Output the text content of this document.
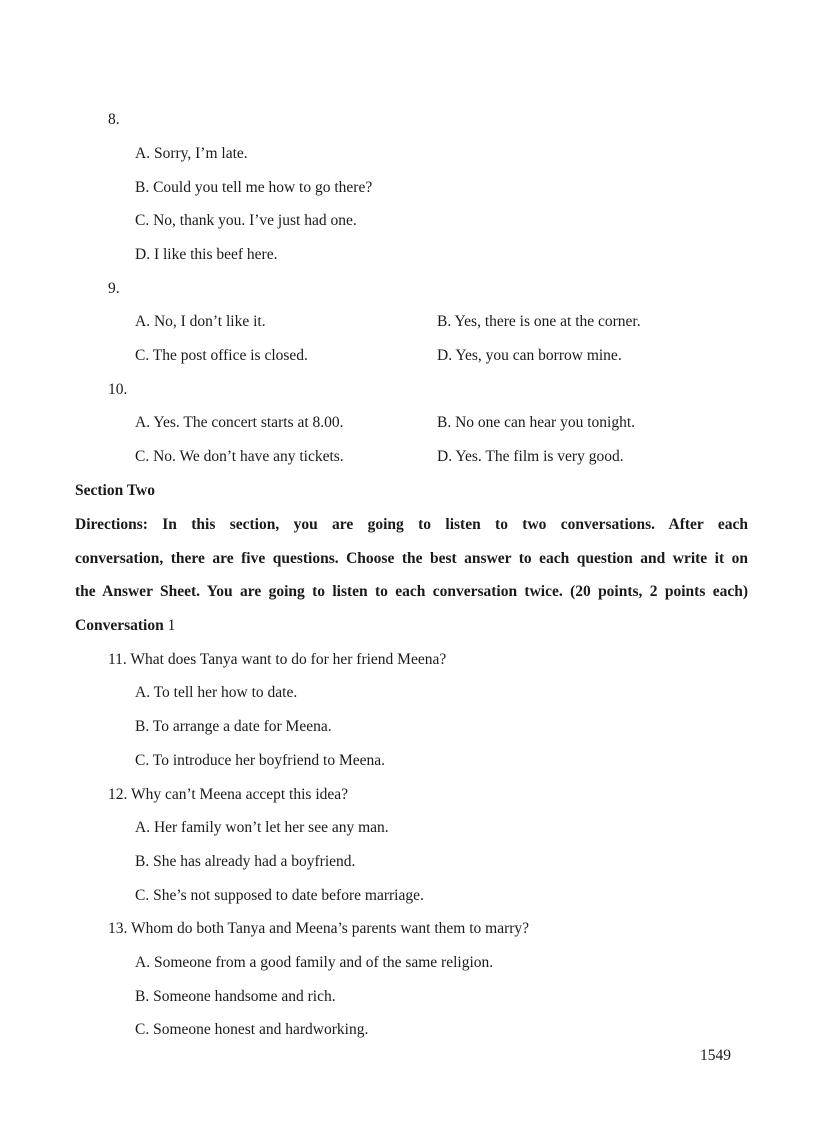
8.
A. Sorry, I’m late.
B. Could you tell me how to go there?
C. No, thank you. I’ve just had one.
D. I like this beef here.
9.
A. No, I don’t like it.	B. Yes, there is one at the corner.
C. The post office is closed.	D. Yes, you can borrow mine.
10.
A. Yes. The concert starts at 8.00.	B. No one can hear you tonight.
C. No. We don’t have any tickets.	D. Yes. The film is very good.
Section Two
Directions: In this section, you are going to listen to two conversations. After each
conversation, there are five questions. Choose the best answer to each question and write it on
the Answer Sheet. You are going to listen to each conversation twice. (20 points, 2 points each)
Conversation 1
11. What does Tanya want to do for her friend Meena?
A. To tell her how to date.
B. To arrange a date for Meena.
C. To introduce her boyfriend to Meena.
12. Why can’t Meena accept this idea?
A. Her family won’t let her see any man.
B. She has already had a boyfriend.
C. She’s not supposed to date before marriage.
13. Whom do both Tanya and Meena’s parents want them to marry?
A. Someone from a good family and of the same religion.
B. Someone handsome and rich.
C. Someone honest and hardworking.
1549
